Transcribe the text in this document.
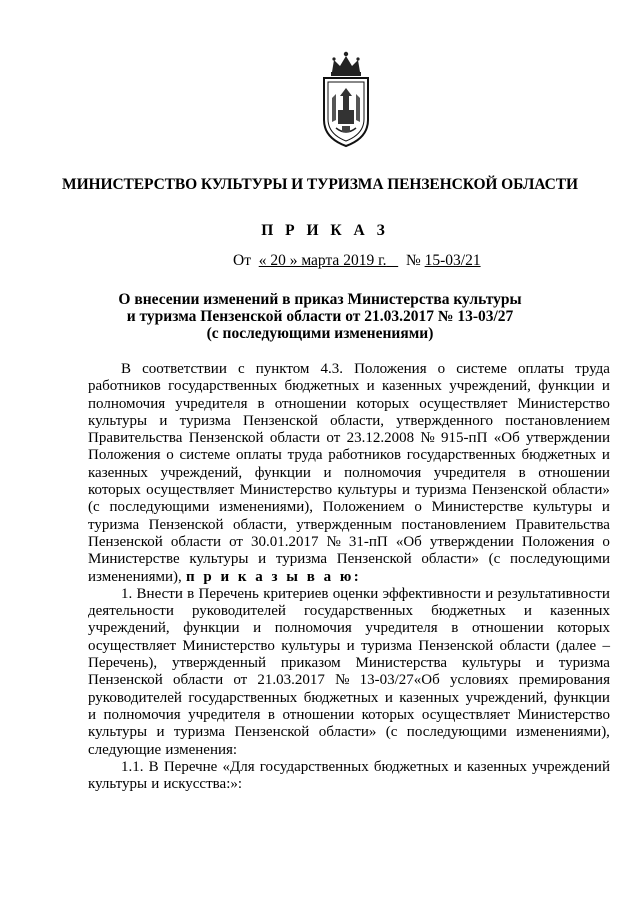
МИНИСТЕРСТВО КУЛЬТУРЫ И ТУРИЗМА ПЕНЗЕНСКОЙ ОБЛАСТИ
П Р И К А З
От « 20 » марта 2019 г. № 15-03/21
О внесении изменений в приказ Министерства культуры
и туризма Пензенской области от 21.03.2017 № 13-03/27
(с последующими изменениями)
В соответствии с пунктом 4.3. Положения о системе оплаты труда
работников государственных бюджетных и казенных учреждений, функции и
полномочия учредителя в отношении которых осуществляет Министерство
культуры и туризма Пензенской области, утвержденного постановлением
Правительства Пензенской области от 23.12.2008 № 915-пП «Об утверждении
Положения о системе оплаты труда работников государственных бюджетных и
казенных учреждений, функции и полномочия учредителя в отношении
которых осуществляет Министерство культуры и туризма Пензенской области»
(с последующими изменениями), Положением о Министерстве культуры и
туризма Пензенской области, утвержденным постановлением Правительства
Пензенской области от 30.01.2017 № 31-пП «Об утверждении Положения о
Министерстве культуры и туризма Пензенской области» (с последующими
изменениями), п р и к а з ы в а ю:
1. Внести в Перечень критериев оценки эффективности и результативности
деятельности руководителей государственных бюджетных и казенных
учреждений, функции и полномочия учредителя в отношении которых
осуществляет Министерство культуры и туризма Пензенской области (далее –
Перечень), утвержденный приказом Министерства культуры и туризма
Пензенской области от 21.03.2017 № 13-03/27«Об условиях премирования
руководителей государственных бюджетных и казенных учреждений, функции
и полномочия учредителя в отношении которых осуществляет Министерство
культуры и туризма Пензенской области» (с последующими изменениями),
следующие изменения:
1.1. В Перечне «Для государственных бюджетных и казенных учреждений
культуры и искусства:»:
